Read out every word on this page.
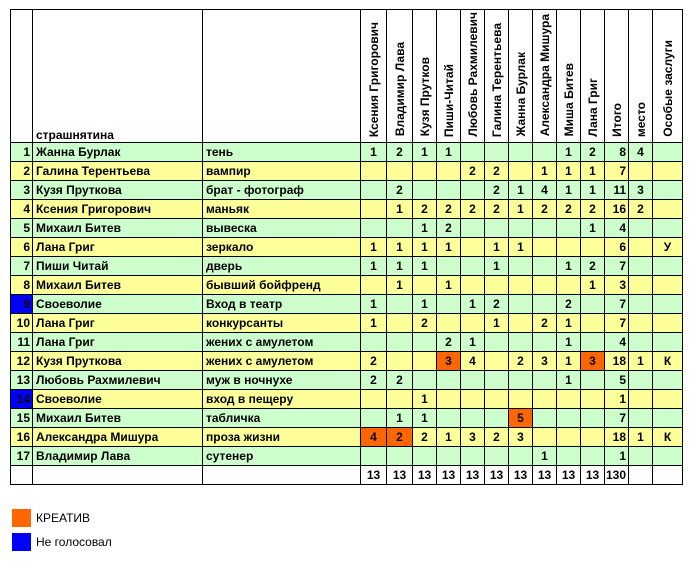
	страшнятина		Ксения Григорович	Владимир Лава	Кузя Прутков	Пиши-Читай	Любовь Рахмилевич	Галина Терентьева	Жанна Бурлак	Александра Мишура	Миша Битев	Лана Григ	Итого	место	Особые заслуги
1	Жанна Бурлак	тень	1	2	1	1					1	2	8	4	
2	Галина Терентьева	вампир					2	2		1	1	1	7		
3	Кузя Пруткова	брат - фотограф		2				2	1	4	1	1	11	3	
4	Ксения Григорович	маньяк		1	2	2	2	2	1	2	2	2	16	2	
5	Михаил Битев	вывеска			1	2						1	4		
6	Лана Григ	зеркало	1	1	1	1		1	1				6		У
7	Пиши Читай	дверь	1	1	1			1			1	2	7		
8	Михаил Битев	бывший бойфренд		1		1						1	3		
9	Своеволие	Вход в театр	1		1		1	2			2		7		
10	Лана Григ	конкурсанты	1		2			1		2	1		7		
11	Лана Григ	жених с амулетом				2	1				1		4		
12	Кузя Пруткова	жених с амулетом	2			3	4		2	3	1	3	18	1	К
13	Любовь Рахмилевич	муж в ночнухе	2	2							1		5		
14	Своеволие	вход в пещеру			1								1		
15	Михаил Битев	табличка		1	1				5				7		
16	Александра Мишура	проза жизни	4	2	2	1	3	2	3				18	1	К
17	Владимир Лава	сутенер								1			1		
			13	13	13	13	13	13	13	13	13	13	130		
КРЕАТИВ
Не голосовал
